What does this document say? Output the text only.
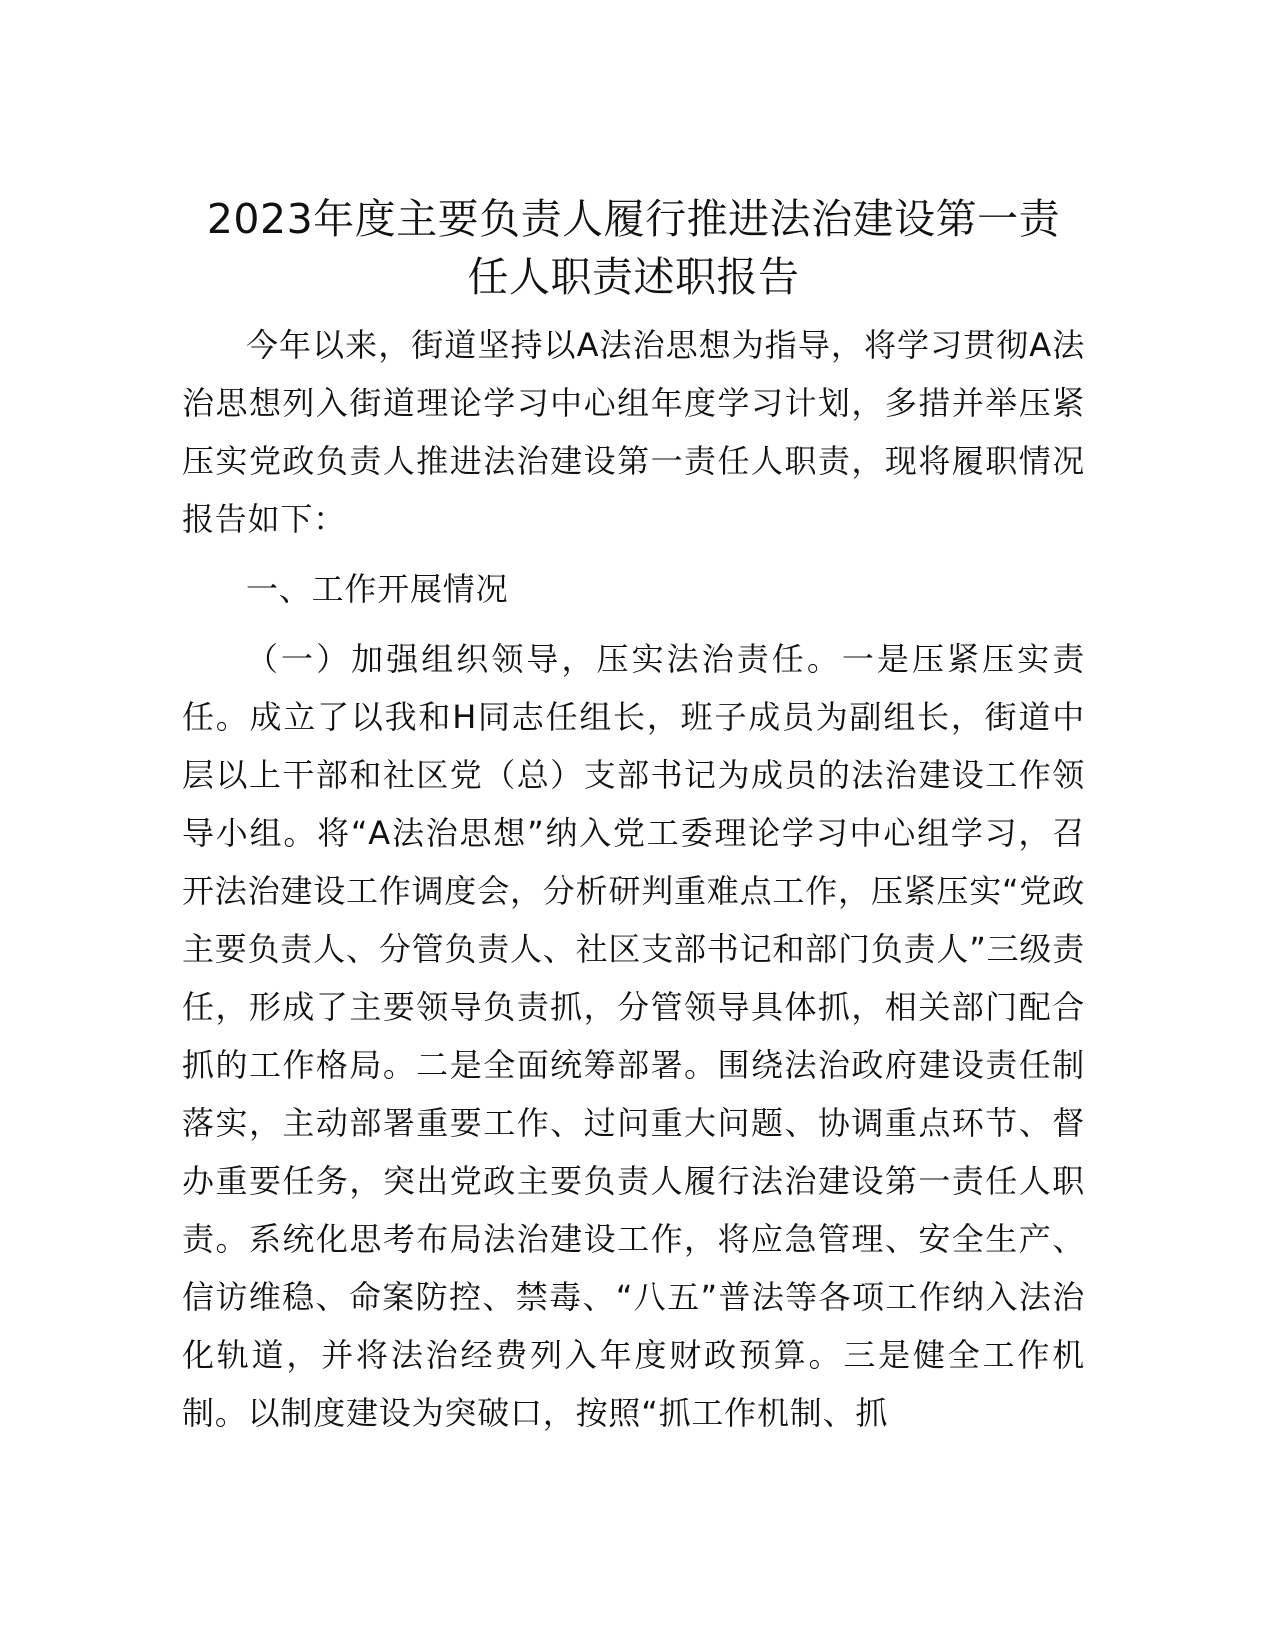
2023年度主要负责人履行推进法治建设第一责
任人职责述职报告

今年以来，街道坚持以A法治思想为指导，将学习贯彻A法治思想列入街道理论学习中心组年度学习计划，多措并举压紧压实党政负责人推进法治建设第一责任人职责，现将履职情况报告如下：

一、工作开展情况

（一）加强组织领导，压实法治责任。一是压紧压实责任。成立了以我和H同志任组长，班子成员为副组长，街道中层以上干部和社区党（总）支部书记为成员的法治建设工作领导小组。将“A法治思想”纳入党工委理论学习中心组学习，召开法治建设工作调度会，分析研判重难点工作，压紧压实“党政主要负责人、分管负责人、社区支部书记和部门负责人”三级责任，形成了主要领导负责抓，分管领导具体抓，相关部门配合抓的工作格局。二是全面统筹部署。围绕法治政府建设责任制落实，主动部署重要工作、过问重大问题、协调重点环节、督办重要任务，突出党政主要负责人履行法治建设第一责任人职责。系统化思考布局法治建设工作，将应急管理、安全生产、信访维稳、命案防控、禁毒、“八五”普法等各项工作纳入法治化轨道，并将法治经费列入年度财政预算。三是健全工作机制。以制度建设为突破口，按照“抓工作机制、抓
